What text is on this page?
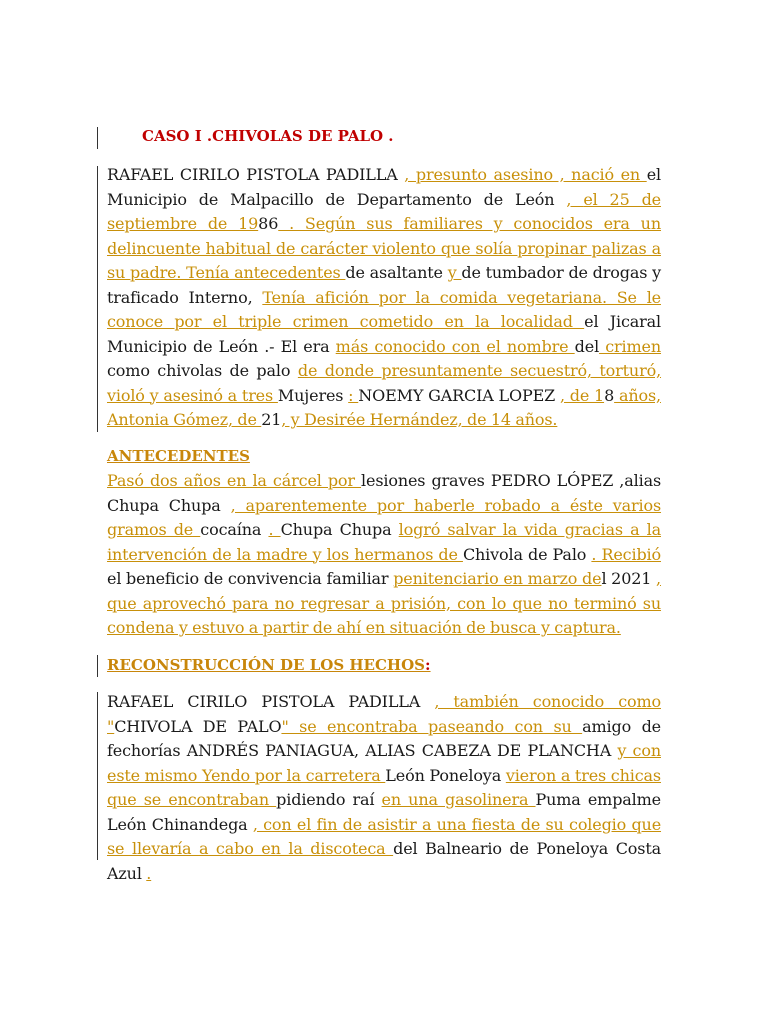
CASO I .CHIVOLAS DE PALO .
RAFAEL CIRILO PISTOLA PADILLA , presunto asesino , nació en el Municipio de Malpacillo de Departamento de León , el 25 de septiembre de 1986 . Según sus familiares y conocidos era un delincuente habitual de carácter violento que solía propinar palizas a su padre. Tenía antecedentes de asaltante y de tumbador de drogas y traficado Interno, Tenía afición por la comida vegetariana. Se le conoce por el triple crimen cometido en la localidad el Jicaral Municipio de León .- El era más conocido con el nombre del crimen como chivolas de palo de donde presuntamente secuestró, torturó, violó y asesinó a tres Mujeres : NOEMY GARCIA LOPEZ , de 18 años, Antonia Gómez, de 21, y Desirée Hernández, de 14 años.
ANTECEDENTES
Pasó dos años en la cárcel por lesiones graves PEDRO LÓPEZ ,alias Chupa Chupa , aparentemente por haberle robado a éste varios gramos de cocaína . Chupa Chupa logró salvar la vida gracias a la intervención de la madre y los hermanos de Chivola de Palo . Recibió el beneficio de convivencia familiar penitenciario en marzo del 2021 , que aprovechó para no regresar a prisión, con lo que no terminó su condena y estuvo a partir de ahí en situación de busca y captura.
RECONSTRUCCIÓN DE LOS HECHOS:
RAFAEL CIRILO PISTOLA PADILLA , también conocido como "CHIVOLA DE PALO" se encontraba paseando con su amigo de fechorías ANDRÉS PANIAGUA, ALIAS CABEZA DE PLANCHA y con este mismo Yendo por la carretera León Poneloya vieron a tres chicas que se encontraban pidiendo raí en una gasolinera Puma empalme León Chinandega , con el fin de asistir a una fiesta de su colegio que se llevaría a cabo en la discoteca del Balneario de Poneloya Costa Azul .
